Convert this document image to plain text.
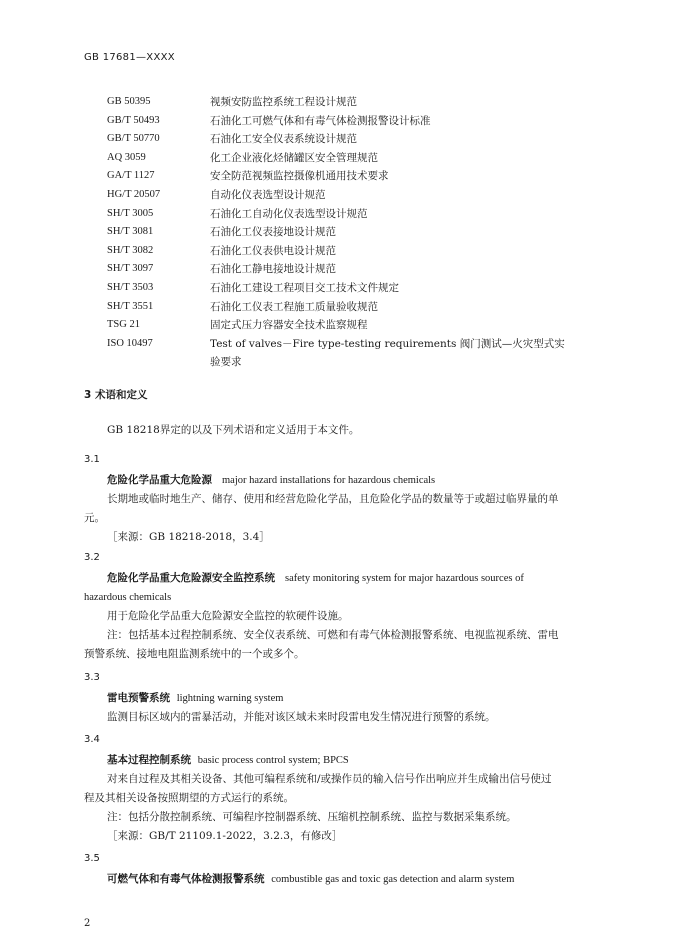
GB 17681—XXXX
GB 50395	视频安防监控系统工程设计规范
GB/T 50493	石油化工可燃气体和有毒气体检测报警设计标准
GB/T 50770	石油化工安全仪表系统设计规范
AQ 3059	化工企业液化烃储罐区安全管理规范
GA/T 1127	安全防范视频监控摄像机通用技术要求
HG/T 20507	自动化仪表选型设计规范
SH/T 3005	石油化工自动化仪表选型设计规范
SH/T 3081	石油化工仪表接地设计规范
SH/T 3082	石油化工仪表供电设计规范
SH/T 3097	石油化工静电接地设计规范
SH/T 3503	石油化工建设工程项目交工技术文件规定
SH/T 3551	石油化工仪表工程施工质量验收规范
TSG 21	固定式压力容器安全技术监察规程
ISO 10497	Test of valves－Fire type-testing requirements 阀门测试—火灾型式实
验要求
3 术语和定义
GB 18218界定的以及下列术语和定义适用于本文件。
3.1
危险化学品重大危险源 major hazard installations for hazardous chemicals
长期地或临时地生产、储存、使用和经营危险化学品，且危险化学品的数量等于或超过临界量的单
元。
［来源：GB 18218-2018，3.4］
3.2
危险化学品重大危险源安全监控系统 safety monitoring system for major hazardous sources of
hazardous chemicals
用于危险化学品重大危险源安全监控的软硬件设施。
注：包括基本过程控制系统、安全仪表系统、可燃和有毒气体检测报警系统、电视监视系统、雷电
预警系统、接地电阻监测系统中的一个或多个。
3.3
雷电预警系统 lightning warning system
监测目标区域内的雷暴活动，并能对该区域未来时段雷电发生情况进行预警的系统。
3.4
基本过程控制系统 basic process control system; BPCS
对来自过程及其相关设备、其他可编程系统和/或操作员的输入信号作出响应并生成输出信号使过
程及其相关设备按照期望的方式运行的系统。
注：包括分散控制系统、可编程序控制器系统、压缩机控制系统、监控与数据采集系统。
［来源：GB/T 21109.1-2022，3.2.3，有修改］
3.5
可燃气体和有毒气体检测报警系统 combustible gas and toxic gas detection and alarm system
2
